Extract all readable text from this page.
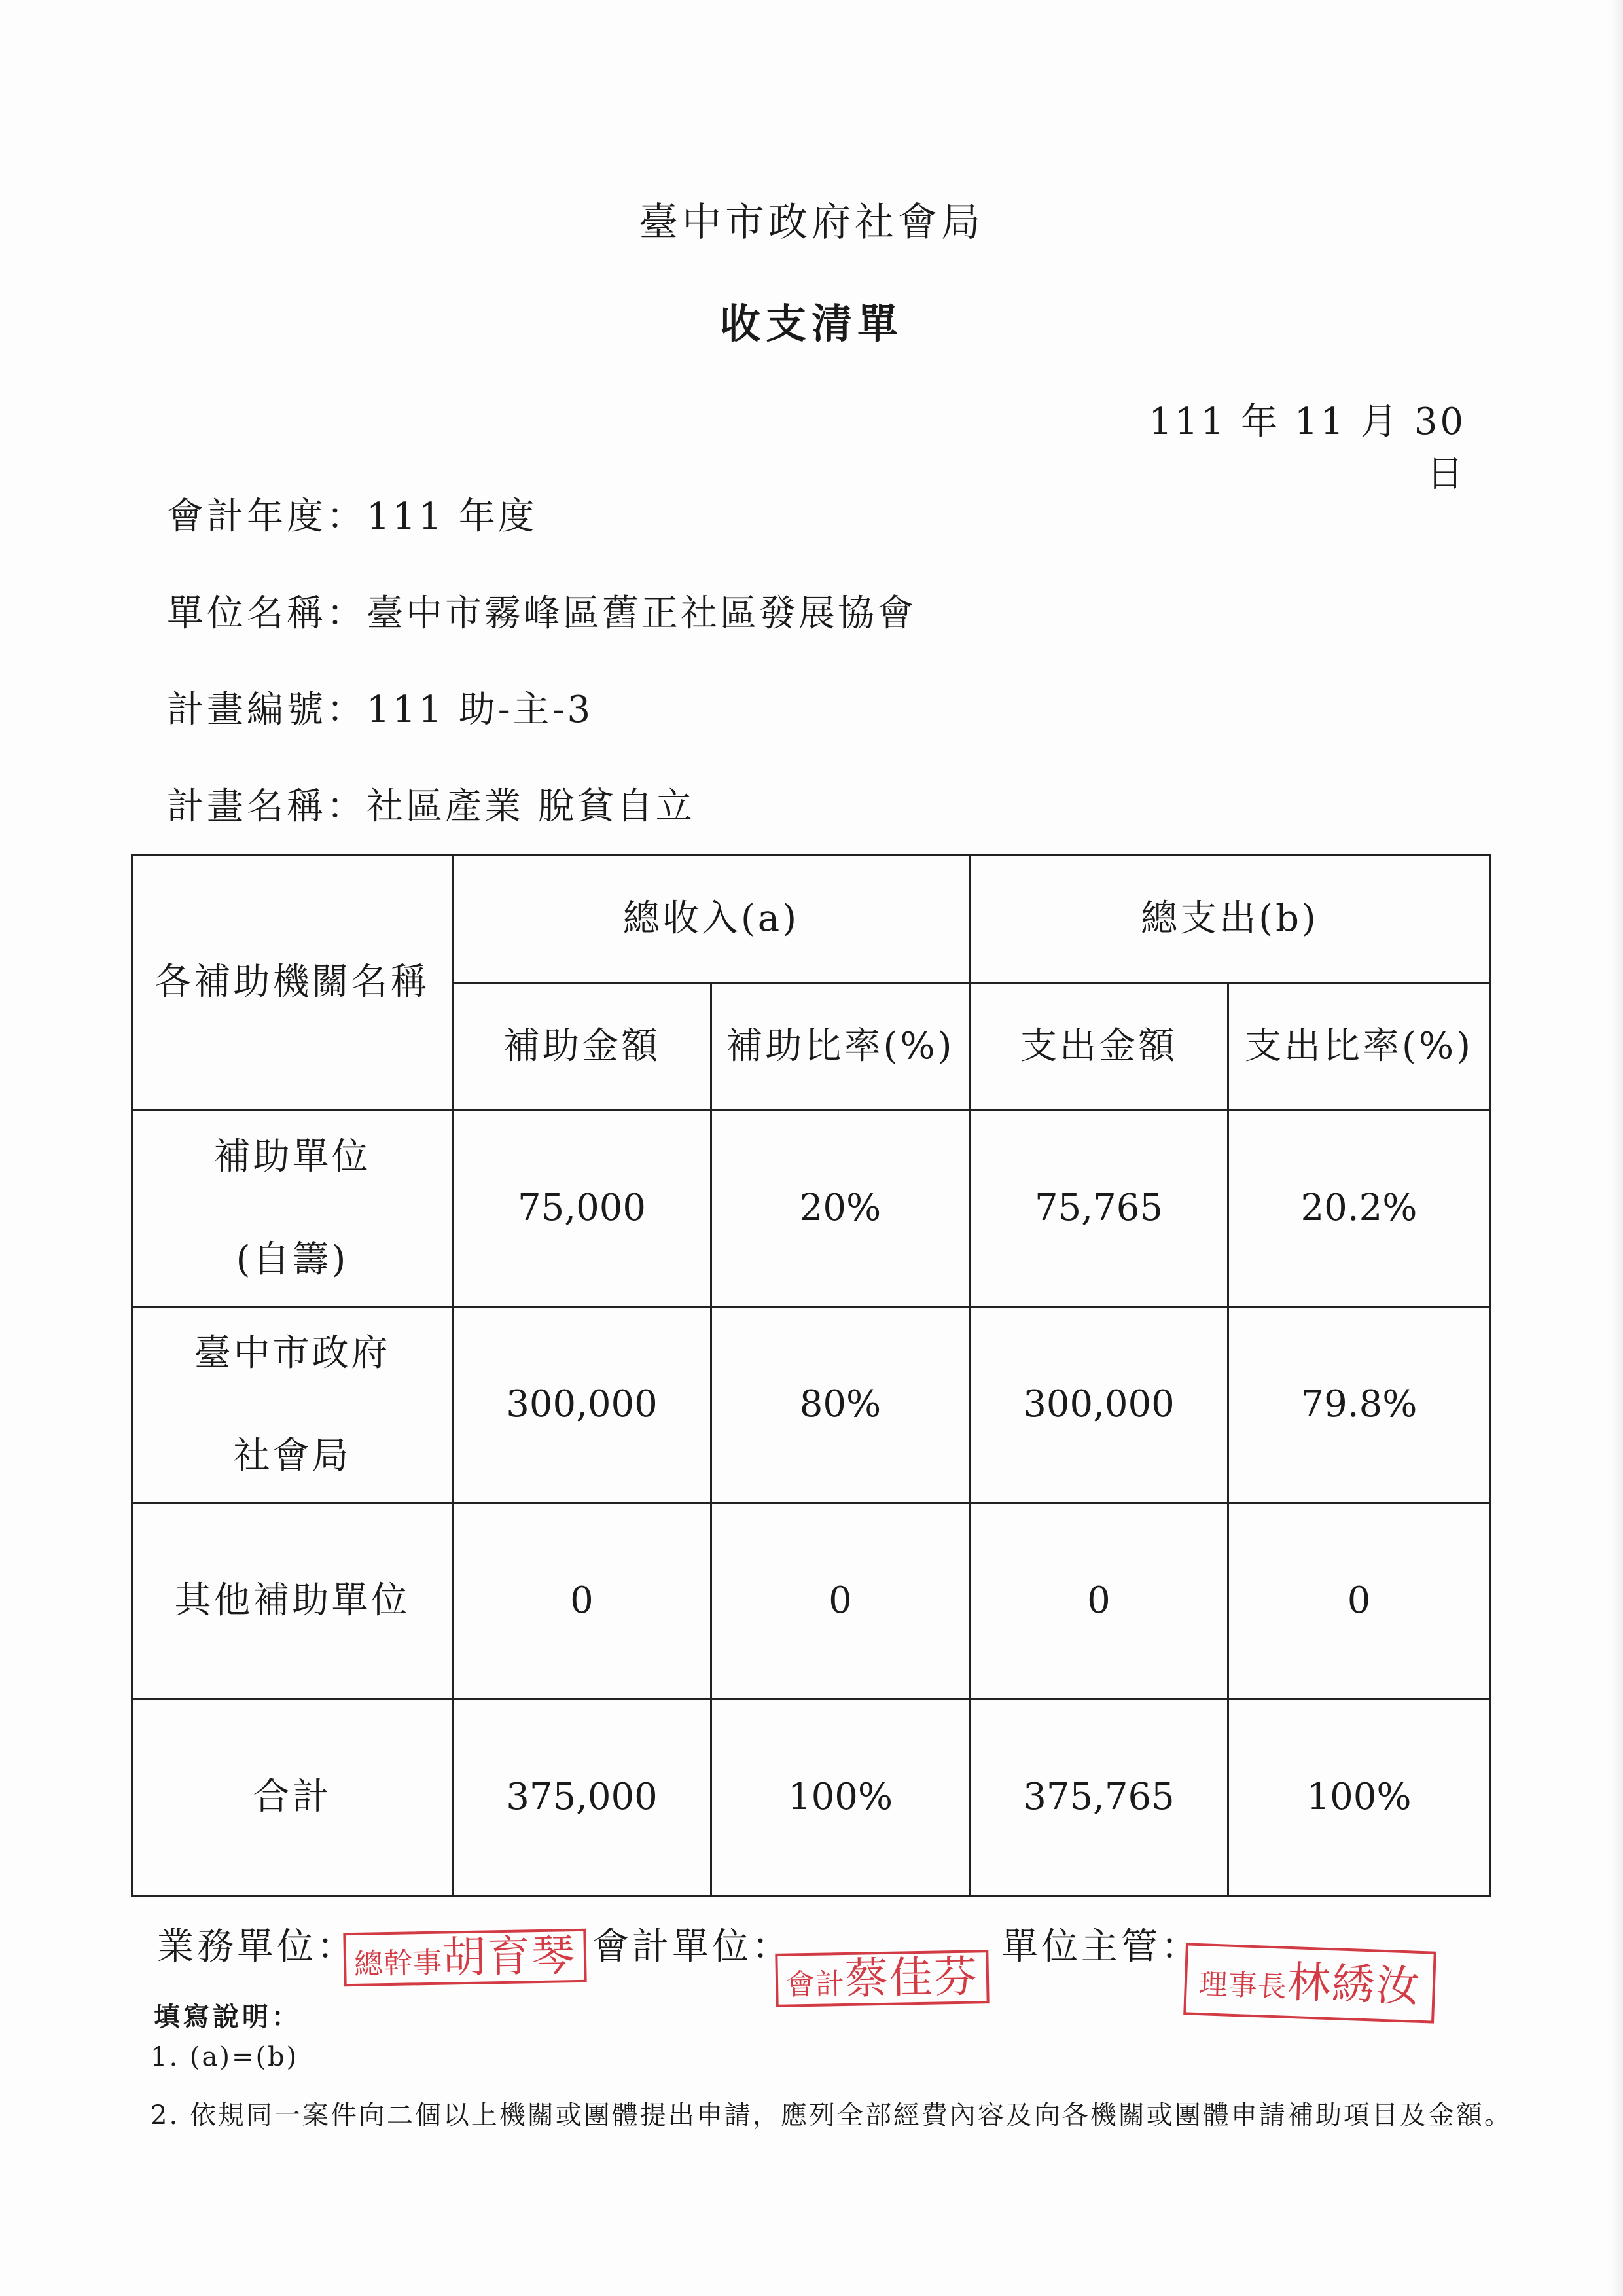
臺中市政府社會局
收支清單
111 年 11 月 30 日
會計年度：111 年度
單位名稱：臺中市霧峰區舊正社區發展協會
計畫編號：111 助-主-3
計畫名稱：社區產業 脫貧自立
各補助機關名稱	總收入(a)		總支出(b)	
	補助金額	補助比率(%)	支出金額	支出比率(%)

補助單位
(自籌)	75,000	20%	75,765	20.2%

臺中市政府
社會局	300,000	80%	300,000	79.8%

其他補助單位	0	0	0	0

合計	375,000	100%	375,765	100%
業務單位：
總幹事胡育琴 會計單位：
會計蔡佳芬
單位主管：
理事長林綉汝
填寫說明：
1. (a)=(b)
2. 依規同一案件向二個以上機關或團體提出申請，應列全部經費內容及向各機關或團體申請補助項目及金額。
